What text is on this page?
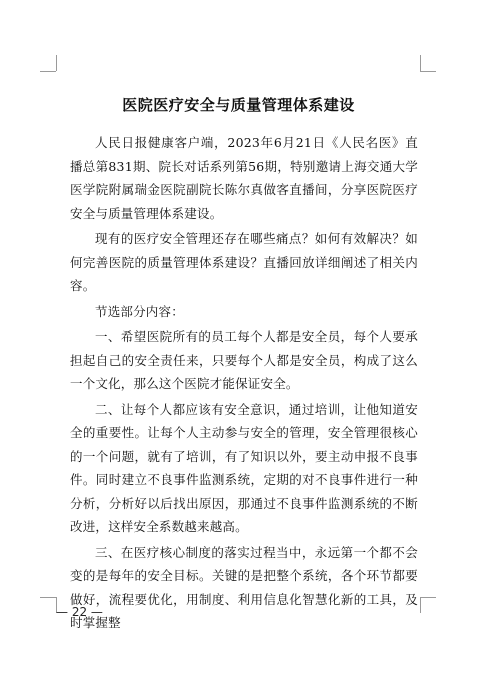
医院医疗安全与质量管理体系建设

人民日报健康客户端，2023年6月21日《人民名医》直播总第831期、院长对话系列第56期，特别邀请上海交通大学医学院附属瑞金医院副院长陈尔真做客直播间，分享医院医疗安全与质量管理体系建设。

现有的医疗安全管理还存在哪些痛点？如何有效解决？如何完善医院的质量管理体系建设？直播回放详细阐述了相关内容。

节选部分内容：

一、希望医院所有的员工每个人都是安全员，每个人要承担起自己的安全责任来，只要每个人都是安全员，构成了这么一个文化，那么这个医院才能保证安全。

二、让每个人都应该有安全意识，通过培训，让他知道安全的重要性。让每个人主动参与安全的管理，安全管理很核心的一个问题，就有了培训，有了知识以外，要主动申报不良事件。同时建立不良事件监测系统，定期的对不良事件进行一种分析，分析好以后找出原因，那通过不良事件监测系统的不断改进，这样安全系数越来越高。

三、在医疗核心制度的落实过程当中，永远第一个都不会变的是每年的安全目标。关键的是把整个系统，各个环节都要做好，流程要优化，用制度、利用信息化智慧化新的工具，及时掌握整

— 22 —
